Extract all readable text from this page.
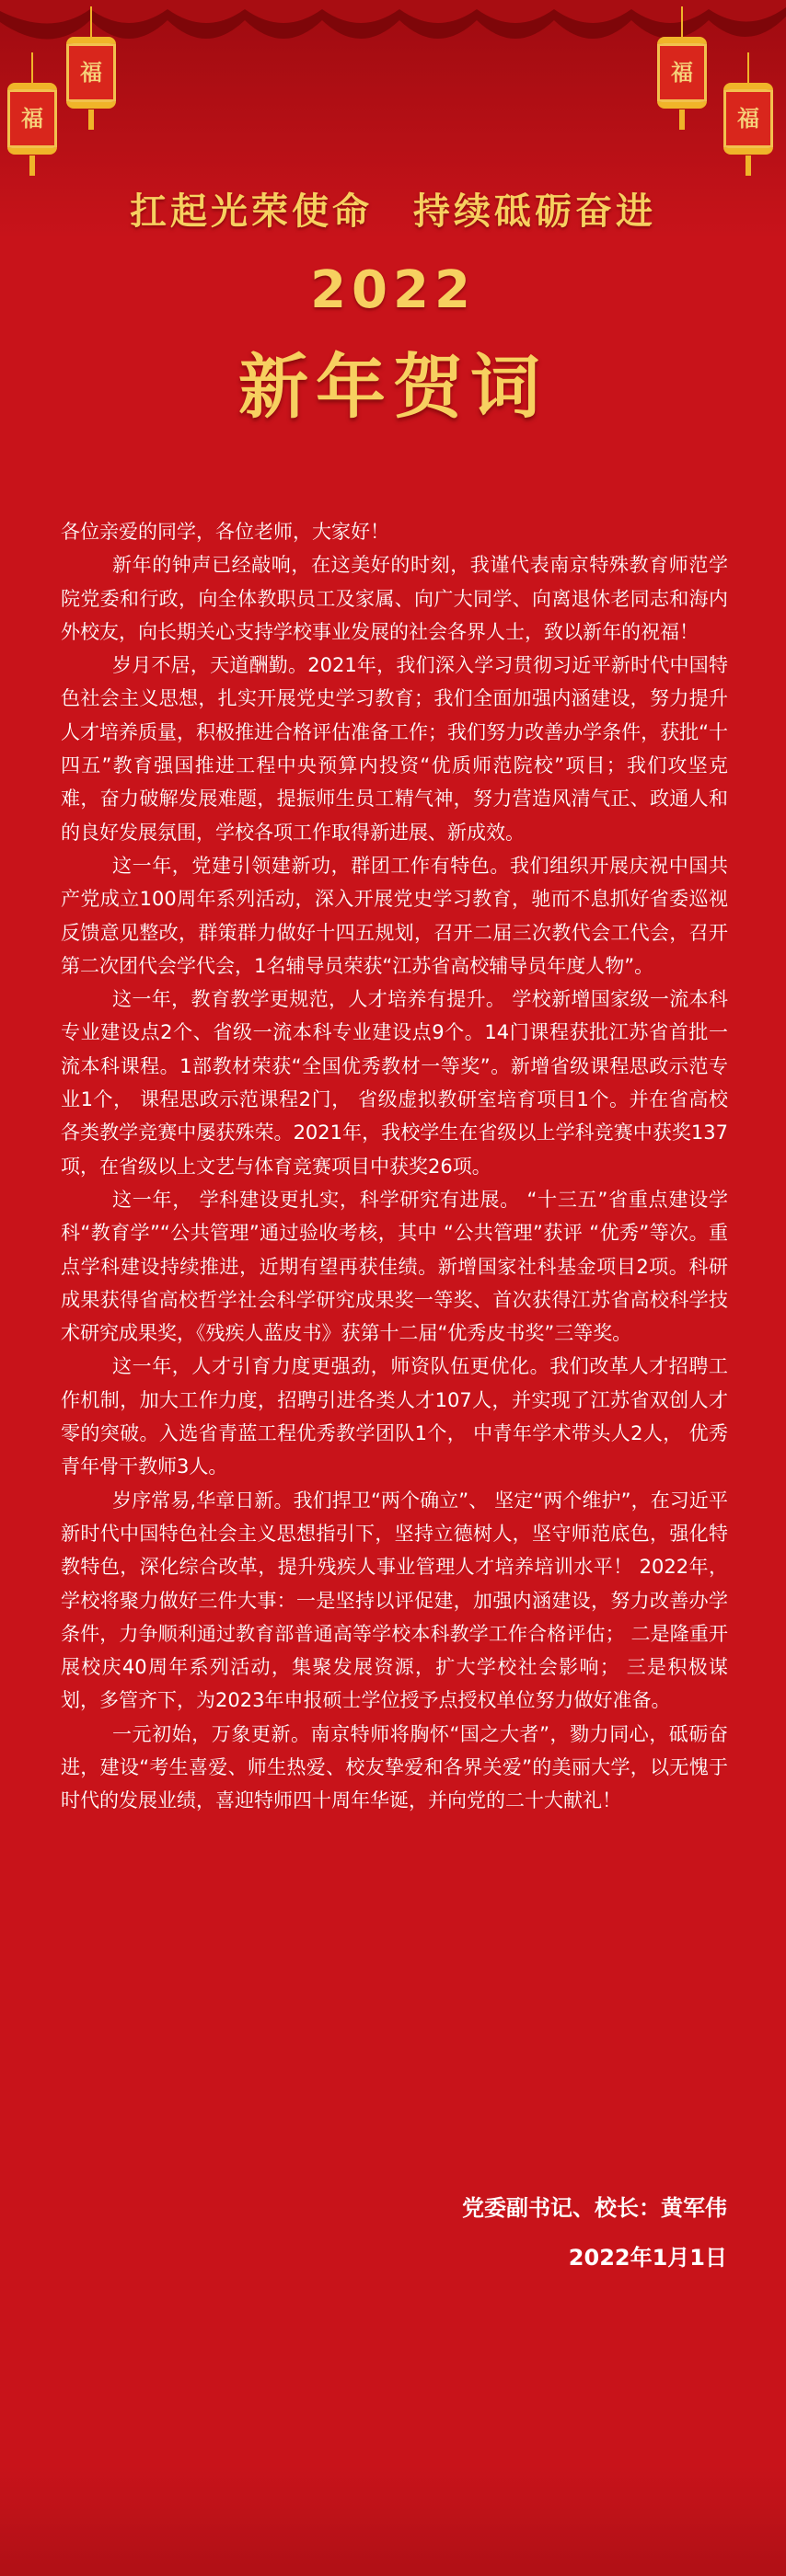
福
福
福
福
扛起光荣使命　持续砥砺奋进
2022
新年贺词

各位亲爱的同学，各位老师，大家好！

新年的钟声已经敲响，在这美好的时刻，我谨代表南京特殊教育师范学院党委和行政，向全体教职员工及家属、向广大同学、向离退休老同志和海内外校友，向长期关心支持学校事业发展的社会各界人士，致以新年的祝福！

岁月不居，天道酬勤。2021年，我们深入学习贯彻习近平新时代中国特色社会主义思想，扎实开展党史学习教育；我们全面加强内涵建设，努力提升人才培养质量，积极推进合格评估准备工作；我们努力改善办学条件，获批“十四五”教育强国推进工程中央预算内投资“优质师范院校”项目；我们攻坚克难，奋力破解发展难题，提振师生员工精气神，努力营造风清气正、政通人和的良好发展氛围，学校各项工作取得新进展、新成效。

这一年，党建引领建新功，群团工作有特色。我们组织开展庆祝中国共产党成立100周年系列活动，深入开展党史学习教育，驰而不息抓好省委巡视反馈意见整改，群策群力做好十四五规划，召开二届三次教代会工代会，召开第二次团代会学代会，1名辅导员荣获“江苏省高校辅导员年度人物”。

这一年，教育教学更规范，人才培养有提升。 学校新增国家级一流本科专业建设点2个、省级一流本科专业建设点9个。14门课程获批江苏省首批一流本科课程。1部教材荣获“全国优秀教材一等奖”。新增省级课程思政示范专业1个， 课程思政示范课程2门， 省级虚拟教研室培育项目1个。并在省高校各类教学竞赛中屡获殊荣。2021年，我校学生在省级以上学科竞赛中获奖137项，在省级以上文艺与体育竞赛项目中获奖26项。

这一年， 学科建设更扎实，科学研究有进展。 “十三五”省重点建设学科“教育学”“公共管理”通过验收考核，其中 “公共管理”获评 “优秀”等次。重点学科建设持续推进，近期有望再获佳绩。新增国家社科基金项目2项。科研成果获得省高校哲学社会科学研究成果奖一等奖、首次获得江苏省高校科学技术研究成果奖，《残疾人蓝皮书》获第十二届“优秀皮书奖”三等奖。

这一年，人才引育力度更强劲，师资队伍更优化。我们改革人才招聘工作机制，加大工作力度，招聘引进各类人才107人，并实现了江苏省双创人才零的突破。入选省青蓝工程优秀教学团队1个， 中青年学术带头人2人， 优秀青年骨干教师3人。

岁序常易,华章日新。我们捍卫“两个确立”、 坚定“两个维护”，在习近平新时代中国特色社会主义思想指引下，坚持立德树人，坚守师范底色，强化特教特色，深化综合改革，提升残疾人事业管理人才培养培训水平！ 2022年，学校将聚力做好三件大事：一是坚持以评促建，加强内涵建设，努力改善办学条件，力争顺利通过教育部普通高等学校本科教学工作合格评估； 二是隆重开展校庆40周年系列活动，集聚发展资源，扩大学校社会影响； 三是积极谋划，多管齐下，为2023年申报硕士学位授予点授权单位努力做好准备。

一元初始，万象更新。南京特师将胸怀“国之大者”，勠力同心，砥砺奋进，建设“考生喜爱、师生热爱、校友挚爱和各界关爱”的美丽大学，以无愧于时代的发展业绩，喜迎特师四十周年华诞，并向党的二十大献礼！

党委副书记、校长：黄军伟
2022年1月1日
